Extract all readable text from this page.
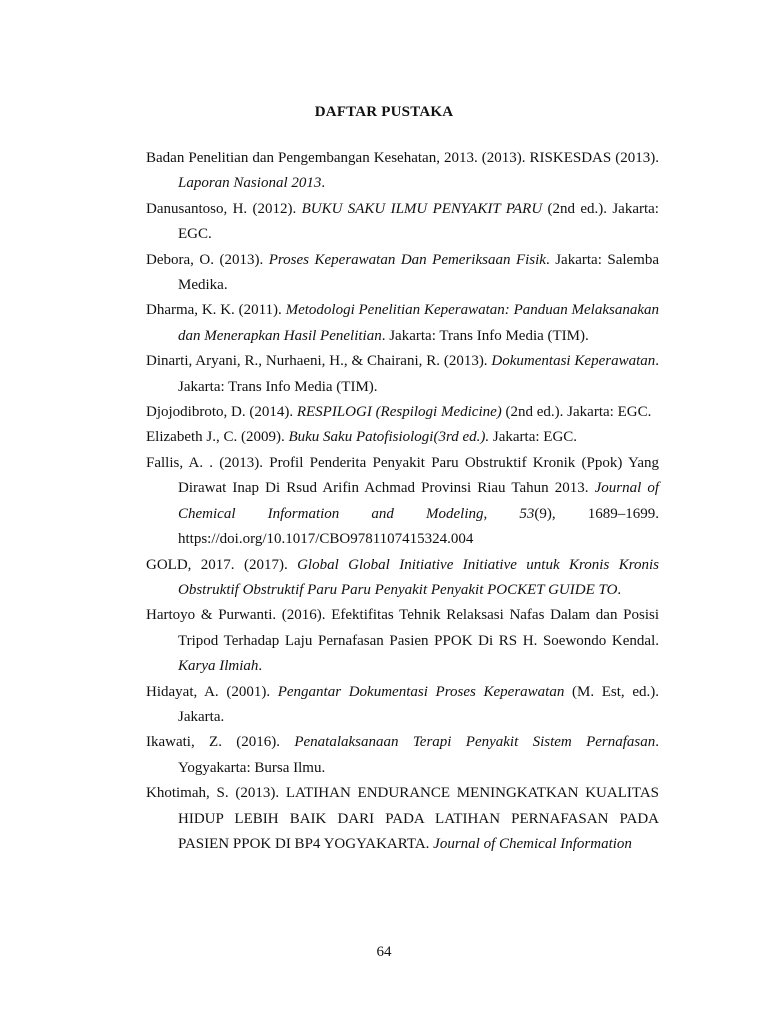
DAFTAR PUSTAKA

Badan Penelitian dan Pengembangan Kesehatan, 2013. (2013). RISKESDAS (2013). Laporan Nasional 2013.

Danusantoso, H. (2012). BUKU SAKU ILMU PENYAKIT PARU (2nd ed.). Jakarta: EGC.

Debora, O. (2013). Proses Keperawatan Dan Pemeriksaan Fisik. Jakarta: Salemba Medika.

Dharma, K. K. (2011). Metodologi Penelitian Keperawatan: Panduan Melaksanakan dan Menerapkan Hasil Penelitian. Jakarta: Trans Info Media (TIM).

Dinarti, Aryani, R., Nurhaeni, H., & Chairani, R. (2013). Dokumentasi Keperawatan. Jakarta: Trans Info Media (TIM).

Djojodibroto, D. (2014). RESPILOGI (Respilogi Medicine) (2nd ed.). Jakarta: EGC.

Elizabeth J., C. (2009). Buku Saku Patofisiologi(3rd ed.). Jakarta: EGC.

Fallis, A. . (2013). Profil Penderita Penyakit Paru Obstruktif Kronik (Ppok) Yang Dirawat Inap Di Rsud Arifin Achmad Provinsi Riau Tahun 2013. Journal of Chemical Information and Modeling, 53(9), 1689–1699. https://doi.org/10.1017/CBO9781107415324.004

GOLD, 2017. (2017). Global Global Initiative Initiative untuk Kronis Kronis Obstruktif Obstruktif Paru Paru Penyakit Penyakit POCKET GUIDE TO.

Hartoyo & Purwanti. (2016). Efektifitas Tehnik Relaksasi Nafas Dalam dan Posisi Tripod Terhadap Laju Pernafasan Pasien PPOK Di RS H. Soewondo Kendal. Karya Ilmiah.

Hidayat, A. (2001). Pengantar Dokumentasi Proses Keperawatan (M. Est, ed.). Jakarta.

Ikawati, Z. (2016). Penatalaksanaan Terapi Penyakit Sistem Pernafasan. Yogyakarta: Bursa Ilmu.

Khotimah, S. (2013). LATIHAN ENDURANCE MENINGKATKAN KUALITAS HIDUP LEBIH BAIK DARI PADA LATIHAN PERNAFASAN PADA PASIEN PPOK DI BP4 YOGYAKARTA. Journal of Chemical Information

64
